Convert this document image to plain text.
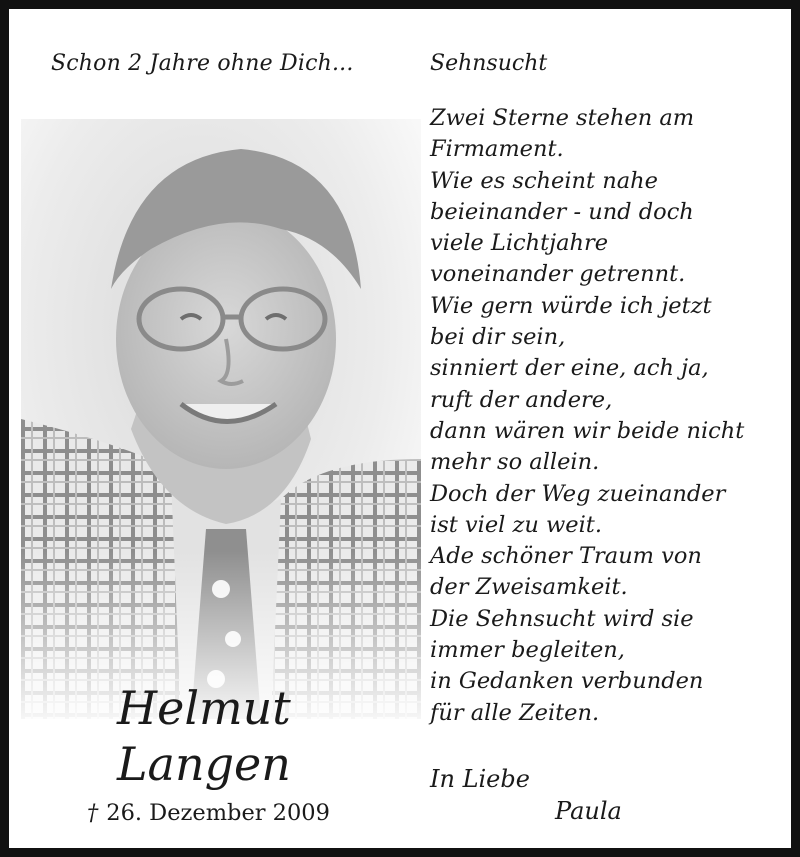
Schon 2 Jahre ohne Dich...	Sehnsucht
Helmut
Langen
† 26. Dezember 2009
Zwei Sterne stehen am
Firmament.
Wie es scheint nahe
beieinander - und doch
viele Lichtjahre
voneinander getrennt.
Wie gern würde ich jetzt
bei dir sein,
sinniert der eine, ach ja,
ruft der andere,
dann wären wir beide nicht
mehr so allein.
Doch der Weg zueinander
ist viel zu weit.
Ade schöner Traum von
der Zweisamkeit.
Die Sehnsucht wird sie
immer begleiten,
in Gedanken verbunden
für alle Zeiten.
In Liebe
Paula
